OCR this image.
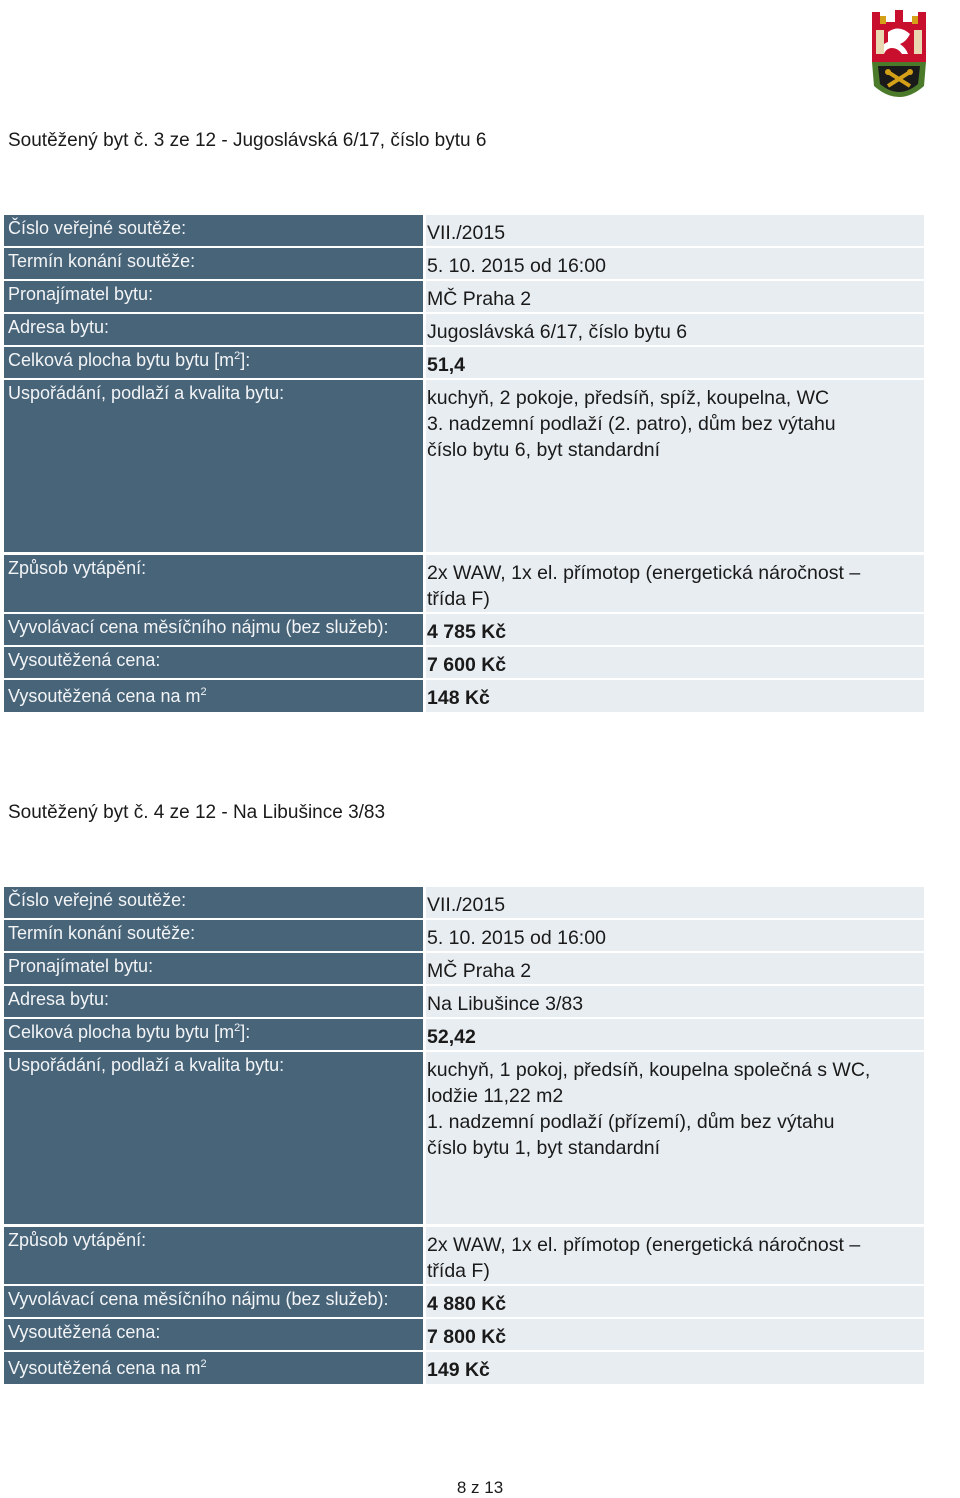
Soutěžený byt č. 3 ze 12 - Jugoslávská 6/17, číslo bytu 6
Číslo veřejné soutěže:	VII./2015
Termín konání soutěže:	5. 10. 2015 od 16:00
Pronajímatel bytu:	MČ Praha 2
Adresa bytu:	Jugoslávská 6/17, číslo bytu 6
Celková plocha bytu bytu $[m^2]$:	51,4
Uspořádání, podlaží a kvalita bytu:	kuchyň, 2 pokoje, předsíň, spíž, koupelna, WC
3. nadzemní podlaží (2. patro), dům bez výtahu
číslo bytu 6, byt standardní
Způsob vytápění:	2x WAW, 1x el. přímotop (energetická náročnost –
třída F)
Vyvolávací cena měsíčního nájmu (bez služeb):	4 785 Kč
Vysoutěžená cena:	7 600 Kč
Vysoutěžená cena na $m^2$	148 Kč
Soutěžený byt č. 4 ze 12 - Na Libušince 3/83
Číslo veřejné soutěže:	VII./2015
Termín konání soutěže:	5. 10. 2015 od 16:00
Pronajímatel bytu:	MČ Praha 2
Adresa bytu:	Na Libušince 3/83
Celková plocha bytu bytu $[m^2]$:	52,42
Uspořádání, podlaží a kvalita bytu:	kuchyň, 1 pokoj, předsíň, koupelna společná s WC,
lodžie 11,22 m2
1. nadzemní podlaží (přízemí), dům bez výtahu
číslo bytu 1, byt standardní
Způsob vytápění:	2x WAW, 1x el. přímotop (energetická náročnost –
třída F)
Vyvolávací cena měsíčního nájmu (bez služeb):	4 880 Kč
Vysoutěžená cena:	7 800 Kč
Vysoutěžená cena na $m^2$	149 Kč
8 z 13
